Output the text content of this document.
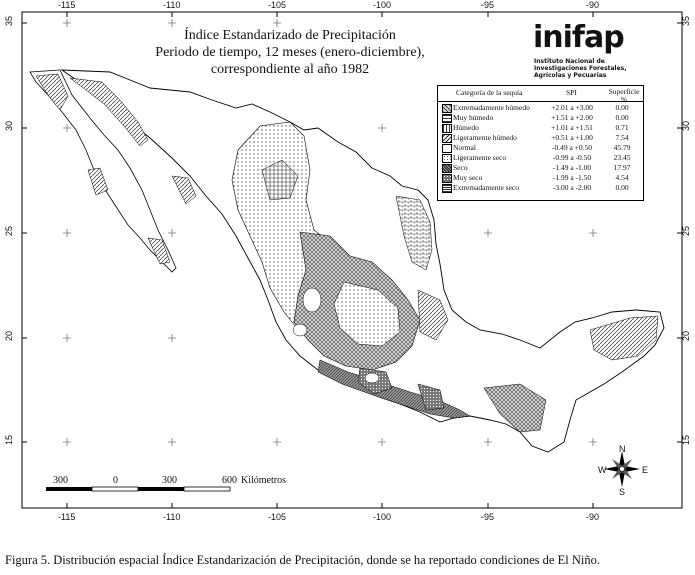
Índice Estandarizado de Precipitación
Periodo de tiempo, 12 meses (enero-diciembre),
correspondiente al año 1982
inifap
Instituto Nacional de Investigaciones Forestales, Agrícolas y Pecuarias
Categoría de la sequía	SPI	Superficie %
Extremadamente húmedo	+2.01 a +3.00	0.00
Muy húmedo	+1.51 a +2.00	0.00
Húmedo	+1.01 a +1.51	0.71
Ligeramente húmedo	+0.51 a +1.00	7.54
Normal	-0.49 a +0.50	45.79
Ligeramente seco	-0.99 a -0.50	23.45
Seco	-1.49 a -1.00	17.97
Muy seco	-1.99 a -1.50	4.54
Extremadamente seco	-3.00 a -2.00	0.00
-115	-110	-105	-100	-95	-90
-115	-110	-105	-100	-95	-90
35
30
25
20
15
35
30
25
20
15
300	0	300	600 Kilómetros
N
S
E
W
Figura 5. Distribución espacial Índice Estandarización de Precipitación, donde se ha reportado condiciones de El Niño.
